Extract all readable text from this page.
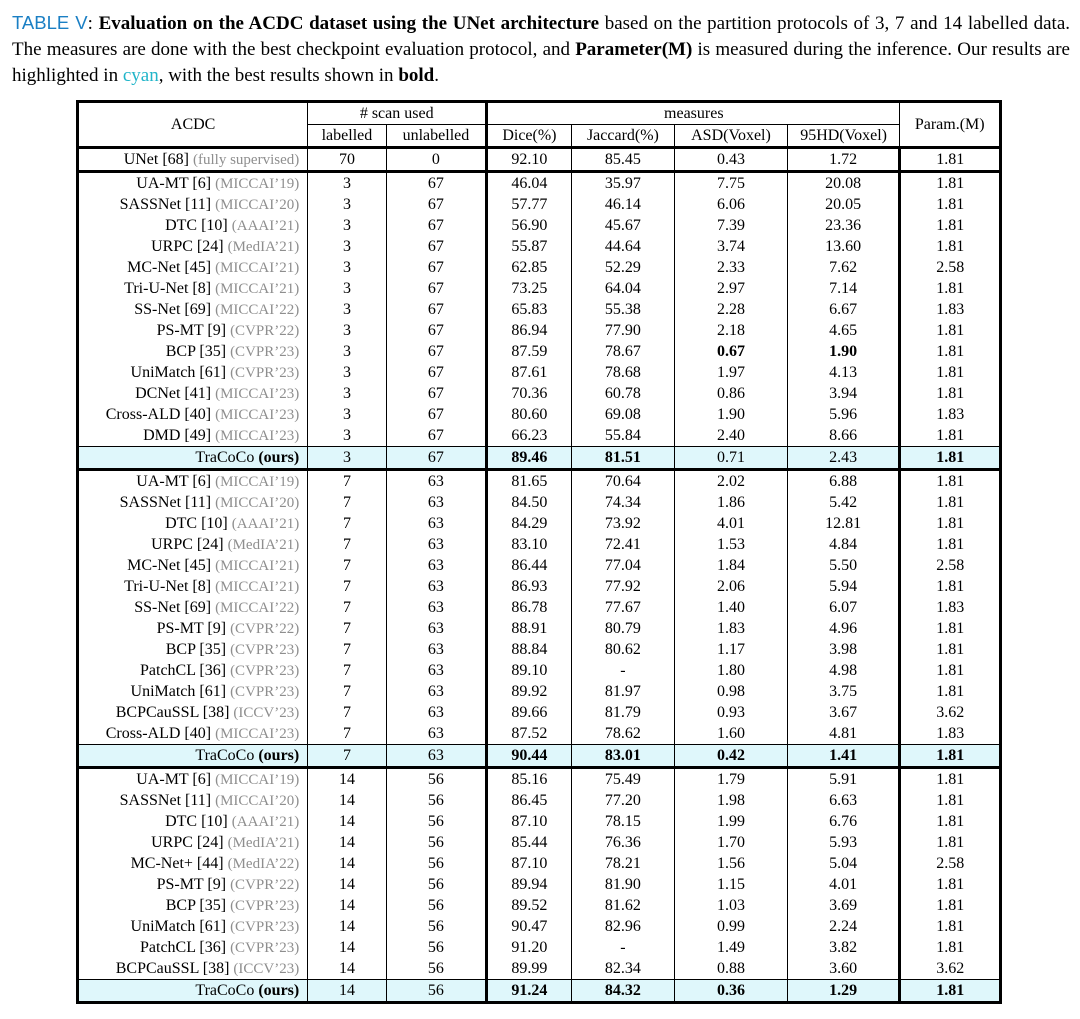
TABLE V: Evaluation on the ACDC dataset using the UNet architecture based on the partition protocols of 3, 7 and 14 labelled data. The measures are done with the best checkpoint evaluation protocol, and Parameter(M) is measured during the inference. Our results are highlighted in cyan, with the best results shown in bold.
ACDC	# scan used		measures				Param.(M)
	labelled	unlabelled	Dice(%)	Jaccard(%)	ASD(Voxel)	95HD(Voxel)	
UNet [68] (fully supervised)	70	0	92.10	85.45	0.43	1.72	1.81
UA-MT [6] (MICCAI’19)	3	67	46.04	35.97	7.75	20.08	1.81
SASSNet [11] (MICCAI’20)	3	67	57.77	46.14	6.06	20.05	1.81
DTC [10] (AAAI’21)	3	67	56.90	45.67	7.39	23.36	1.81
URPC [24] (MedIA’21)	3	67	55.87	44.64	3.74	13.60	1.81
MC-Net [45] (MICCAI’21)	3	67	62.85	52.29	2.33	7.62	2.58
Tri-U-Net [8] (MICCAI’21)	3	67	73.25	64.04	2.97	7.14	1.81
SS-Net [69] (MICCAI’22)	3	67	65.83	55.38	2.28	6.67	1.83
PS-MT [9] (CVPR’22)	3	67	86.94	77.90	2.18	4.65	1.81
BCP [35] (CVPR’23)	3	67	87.59	78.67	0.67	1.90	1.81
UniMatch [61] (CVPR’23)	3	67	87.61	78.68	1.97	4.13	1.81
DCNet [41] (MICCAI’23)	3	67	70.36	60.78	0.86	3.94	1.81
Cross-ALD [40] (MICCAI’23)	3	67	80.60	69.08	1.90	5.96	1.83
DMD [49] (MICCAI’23)	3	67	66.23	55.84	2.40	8.66	1.81
TraCoCo (ours)	3	67	89.46	81.51	0.71	2.43	1.81
UA-MT [6] (MICCAI’19)	7	63	81.65	70.64	2.02	6.88	1.81
SASSNet [11] (MICCAI’20)	7	63	84.50	74.34	1.86	5.42	1.81
DTC [10] (AAAI’21)	7	63	84.29	73.92	4.01	12.81	1.81
URPC [24] (MedIA’21)	7	63	83.10	72.41	1.53	4.84	1.81
MC-Net [45] (MICCAI’21)	7	63	86.44	77.04	1.84	5.50	2.58
Tri-U-Net [8] (MICCAI’21)	7	63	86.93	77.92	2.06	5.94	1.81
SS-Net [69] (MICCAI’22)	7	63	86.78	77.67	1.40	6.07	1.83
PS-MT [9] (CVPR’22)	7	63	88.91	80.79	1.83	4.96	1.81
BCP [35] (CVPR’23)	7	63	88.84	80.62	1.17	3.98	1.81
PatchCL [36] (CVPR’23)	7	63	89.10	-	1.80	4.98	1.81
UniMatch [61] (CVPR’23)	7	63	89.92	81.97	0.98	3.75	1.81
BCPCauSSL [38] (ICCV’23)	7	63	89.66	81.79	0.93	3.67	3.62
Cross-ALD [40] (MICCAI’23)	7	63	87.52	78.62	1.60	4.81	1.83
TraCoCo (ours)	7	63	90.44	83.01	0.42	1.41	1.81
UA-MT [6] (MICCAI’19)	14	56	85.16	75.49	1.79	5.91	1.81
SASSNet [11] (MICCAI’20)	14	56	86.45	77.20	1.98	6.63	1.81
DTC [10] (AAAI’21)	14	56	87.10	78.15	1.99	6.76	1.81
URPC [24] (MedIA’21)	14	56	85.44	76.36	1.70	5.93	1.81
MC-Net+ [44] (MedIA’22)	14	56	87.10	78.21	1.56	5.04	2.58
PS-MT [9] (CVPR’22)	14	56	89.94	81.90	1.15	4.01	1.81
BCP [35] (CVPR’23)	14	56	89.52	81.62	1.03	3.69	1.81
UniMatch [61] (CVPR’23)	14	56	90.47	82.96	0.99	2.24	1.81
PatchCL [36] (CVPR’23)	14	56	91.20	-	1.49	3.82	1.81
BCPCauSSL [38] (ICCV’23)	14	56	89.99	82.34	0.88	3.60	3.62
TraCoCo (ours)	14	56	91.24	84.32	0.36	1.29	1.81
